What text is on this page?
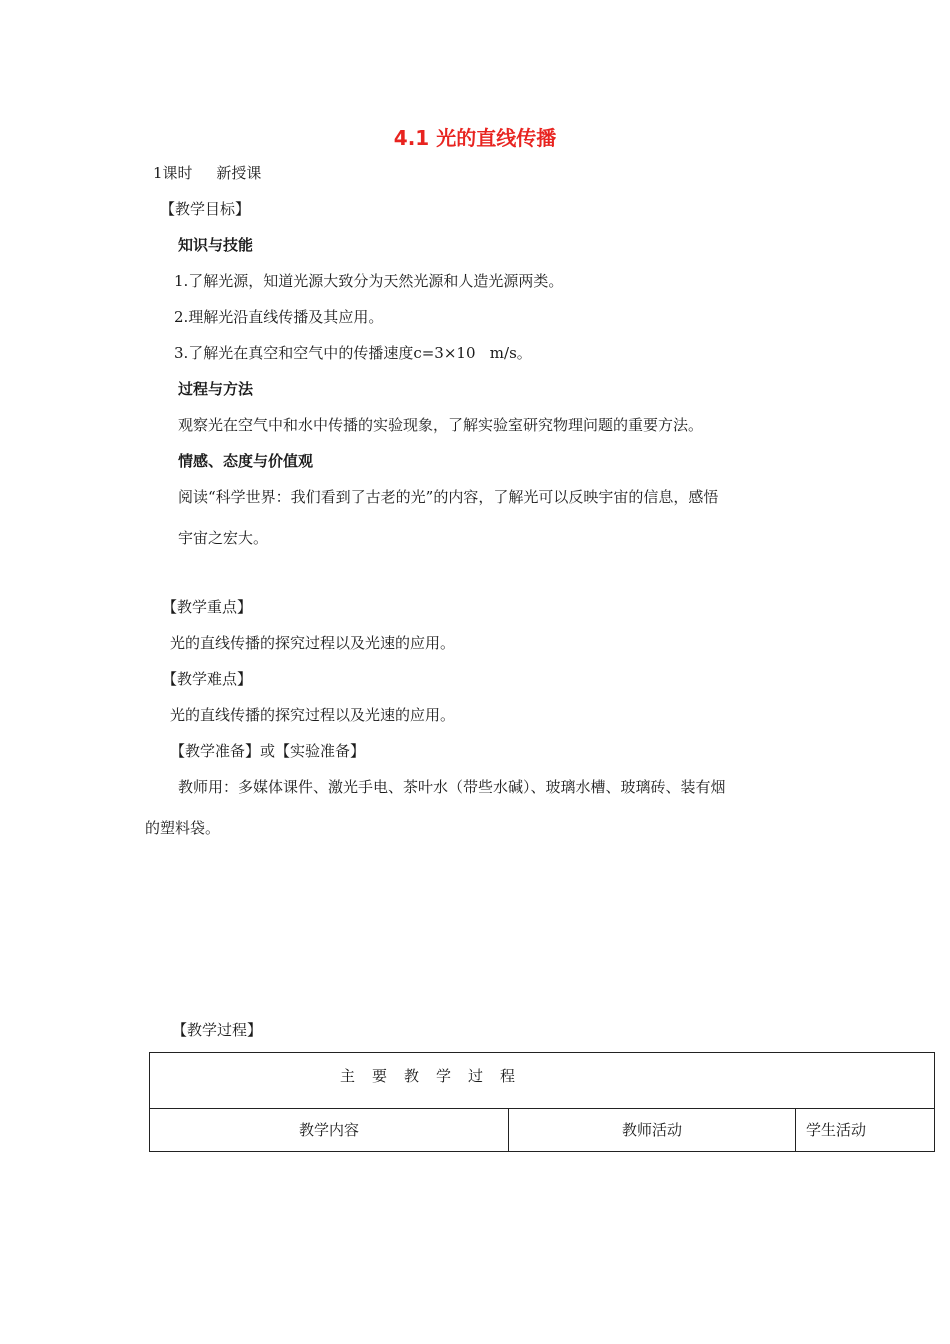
4.1 光的直线传播
1课时     新授课
【教学目标】
知识与技能
1.了解光源，知道光源大致分为天然光源和人造光源两类。
2.理解光沿直线传播及其应用。
3.了解光在真空和空气中的传播速度c=3×10   m/s。
过程与方法
观察光在空气中和水中传播的实验现象，了解实验室研究物理问题的重要方法。
情感、态度与价值观
阅读“科学世界：我们看到了古老的光”的内容，了解光可以反映宇宙的信息，感悟
宇宙之宏大。
【教学重点】
光的直线传播的探究过程以及光速的应用。
【教学难点】
光的直线传播的探究过程以及光速的应用。
【教学准备】或【实验准备】
教师用：多媒体课件、激光手电、茶叶水（带些水碱）、玻璃水槽、玻璃砖、装有烟
的塑料袋。
【教学过程】
主要教学过程

教学内容	教师活动	学生活动
